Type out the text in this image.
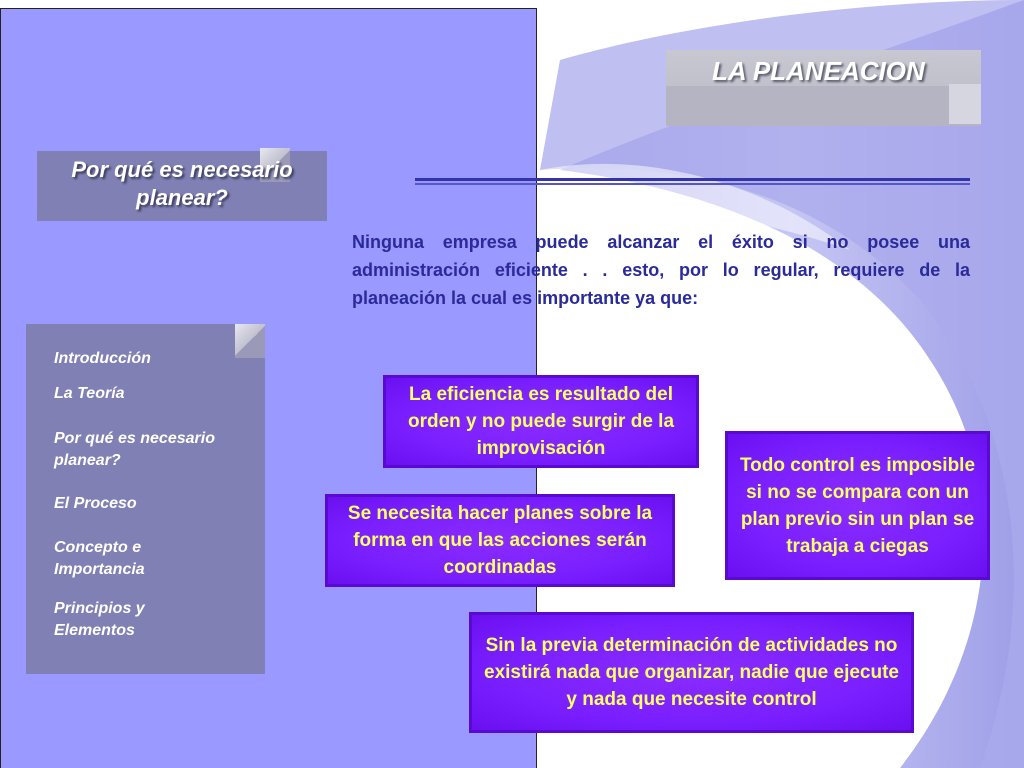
LA PLANEACION
Por qué es necesario planear?
Ninguna empresa puede alcanzar el éxito si no posee una administración eficiente . . esto, por lo regular, requiere de la planeación la cual es importante ya que:
Introducción
La Teoría
Por qué es necesario planear?
El Proceso
Concepto e Importancia
Principios y Elementos
La eficiencia es resultado del orden y no puede surgir de la improvisación
Todo control es imposible si no se compara con un plan previo sin un plan se trabaja a ciegas
Se necesita hacer planes sobre la forma en que las acciones serán coordinadas
Sin la previa determinación de actividades no existirá nada que organizar, nadie que ejecute y nada que necesite control
